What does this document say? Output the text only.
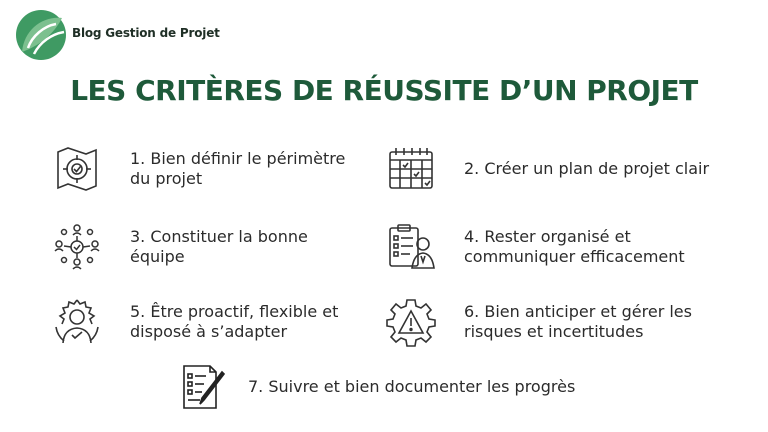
Blog Gestion de Projet
LES CRITÈRES DE RÉUSSITE D’UN PROJET
1. Bien définir le périmètre du projet
2. Créer un plan de projet clair
3. Constituer la bonne équipe
4. Rester organisé et communiquer efficacement
5. Être proactif, flexible et disposé à s’adapter
6. Bien anticiper et gérer les risques et incertitudes
7. Suivre et bien documenter les progrès
